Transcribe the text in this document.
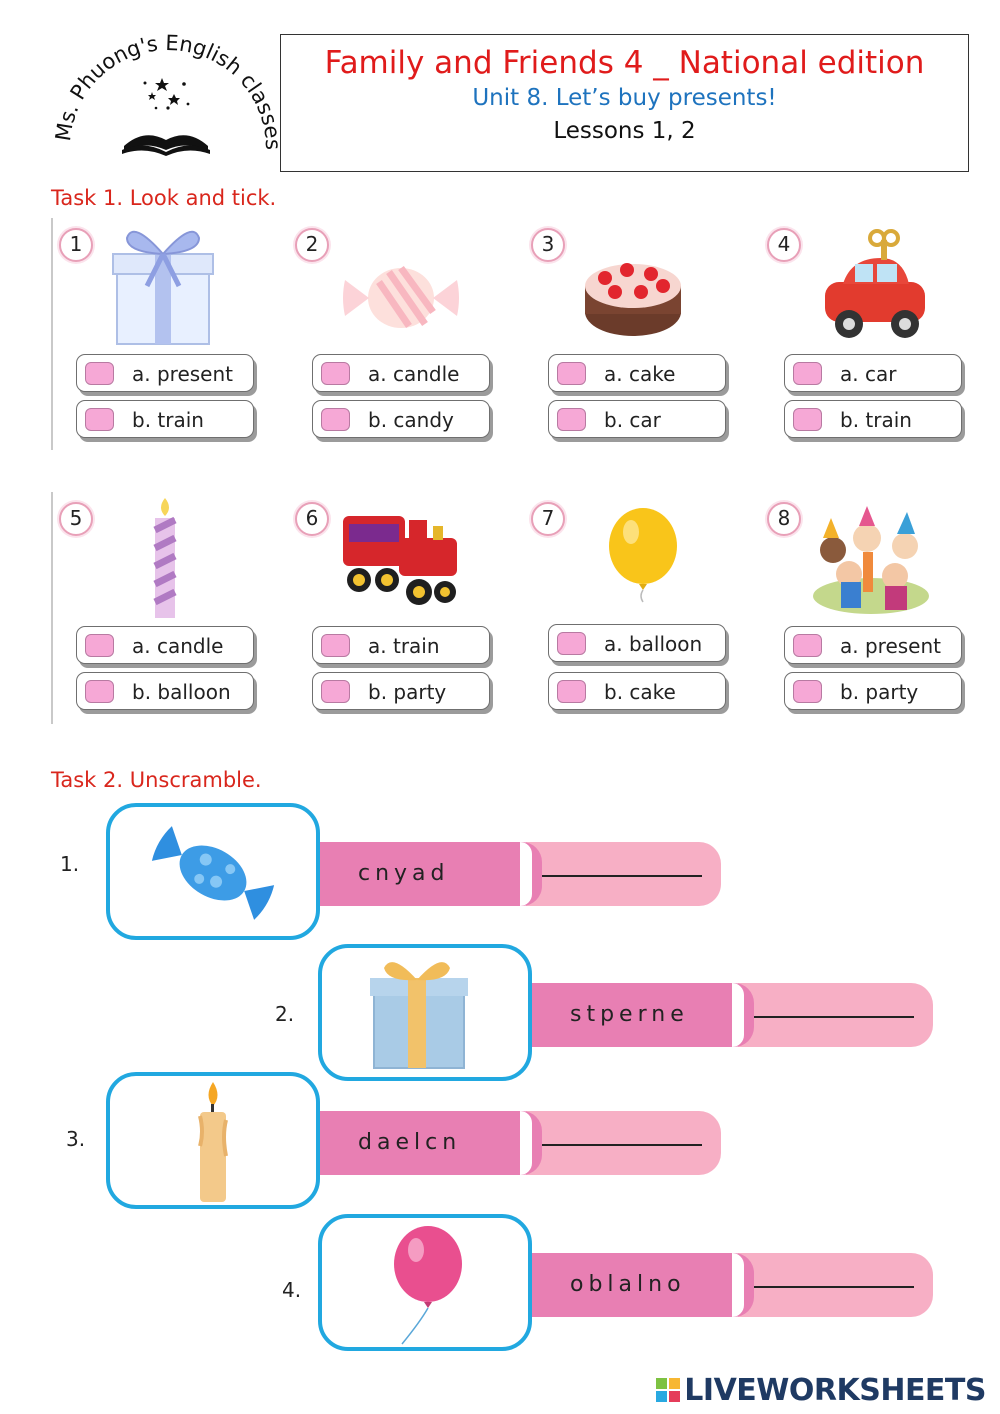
Ms. Phuong's English classes
Family and Friends 4 _ National edition
Unit 8. Let’s buy presents!
Lessons 1, 2
Task 1. Look and tick.
1
a. present
b. train
2
a. candle
b. candy
3
a. cake
b. car
4
a. car
b. train
5
a. candle
b. balloon
6
a. train
b. party
7
a. balloon
b. cake
8
a. present
b. party
Task 2. Unscramble.
1.	cnyad
2.	stperne
3.	daelcn
4.	oblalno
LIVEWORKSHEETS
